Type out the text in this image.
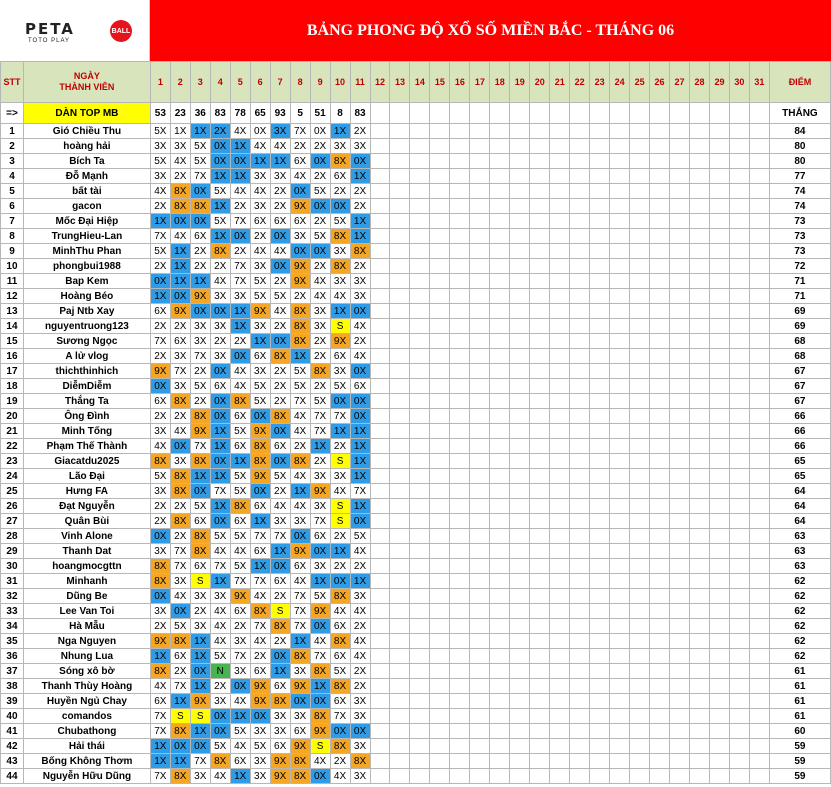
PETA	BALL
TOTO PLAY
BẢNG PHONG ĐỘ XỔ SỐ MIỀN BẮC - THÁNG 06
STT	NGÀY
THÀNH VIÊN	1	2	3	4	5	6	7	8	9	10	11	12	13	14	15	16	17	18	19	20	21	22	23	24	25	26	27	28	29	30	31	ĐIỂM
=>	DÀN TOP MB	53	23	36	83	78	65	93	5	51	8	83																					THẮNG
1	Gió Chiều Thu	5X	1X	1X	2X	4X	0X	3X	7X	0X	1X	2X																					84
2	hoàng hải	3X	3X	5X	0X	1X	4X	4X	2X	2X	3X	3X																					80
3	Bích Ta	5X	4X	5X	0X	0X	1X	1X	6X	0X	8X	0X																					80
4	Đỗ Mạnh	3X	2X	7X	1X	1X	3X	3X	4X	2X	6X	1X																					77
5	bất tài	4X	8X	0X	5X	4X	4X	2X	0X	5X	2X	2X																					74
6	gacon	2X	8X	8X	1X	2X	3X	2X	9X	0X	0X	2X																					74
7	Mốc Đại Hiệp	1X	0X	0X	5X	7X	6X	6X	6X	2X	5X	1X																					73
8	TrungHieu-Lan	7X	4X	6X	1X	0X	2X	0X	3X	5X	8X	1X																					73
9	MinhThu Phan	5X	1X	2X	8X	2X	4X	4X	0X	0X	3X	8X																					73
10	phongbui1988	2X	1X	2X	2X	7X	3X	0X	9X	2X	8X	2X																					72
11	Bap Kem	0X	1X	1X	4X	7X	5X	2X	9X	4X	3X	3X																					71
12	Hoàng Béo	1X	0X	9X	3X	3X	5X	5X	2X	4X	4X	3X																					71
13	Paj Ntb Xay	6X	9X	0X	0X	1X	9X	4X	8X	3X	1X	0X																					69
14	nguyentruong123	2X	2X	3X	3X	1X	3X	2X	8X	3X	S	4X																					69
15	Sương Ngọc	7X	6X	3X	2X	2X	1X	0X	8X	2X	9X	2X																					68
16	A lử vlog	2X	3X	7X	3X	0X	6X	8X	1X	2X	6X	4X																					68
17	thichthinhich	9X	7X	2X	0X	4X	3X	2X	5X	8X	3X	0X																					67
18	DiễmDiễm	0X	3X	5X	6X	4X	5X	2X	5X	2X	5X	6X																					67
19	Thắng Ta	6X	8X	2X	0X	8X	5X	2X	7X	5X	0X	0X																					67
20	Ông Đình	2X	2X	8X	0X	6X	0X	8X	4X	7X	7X	0X																					66
21	Minh Tống	3X	4X	9X	1X	5X	9X	0X	4X	7X	1X	1X																					66
22	Phạm Thế Thành	4X	0X	7X	1X	6X	8X	6X	2X	1X	2X	1X																					66
23	Giacatdu2025	8X	3X	8X	0X	1X	8X	0X	8X	2X	S	1X																					65
24	Lão Đại	5X	8X	1X	1X	5X	9X	5X	4X	3X	3X	1X																					65
25	Hưng FA	3X	8X	0X	7X	5X	0X	2X	1X	9X	4X	7X																					64
26	Đạt Nguyễn	2X	2X	5X	1X	8X	6X	4X	4X	3X	S	1X																					64
27	Quân Bùi	2X	8X	6X	0X	6X	1X	3X	3X	7X	S	0X																					64
28	Vinh Alone	0X	2X	8X	5X	5X	7X	7X	0X	6X	2X	5X																					63
29	Thanh Dat	3X	7X	8X	4X	4X	6X	1X	9X	0X	1X	4X																					63
30	hoangmocgttn	8X	7X	6X	7X	5X	1X	0X	6X	3X	2X	2X																					63
31	Minhanh	8X	3X	S	1X	7X	7X	6X	4X	1X	0X	1X																					62
32	Dũng Be	0X	4X	3X	3X	9X	4X	2X	7X	5X	8X	3X																					62
33	Lee Van Toi	3X	0X	2X	4X	6X	8X	S	7X	9X	4X	4X																					62
34	Hà Mẫu	2X	5X	3X	4X	2X	7X	8X	7X	0X	6X	2X																					62
35	Nga Nguyen	9X	8X	1X	4X	3X	4X	2X	1X	4X	8X	4X																					62
36	Nhung Lua	1X	6X	1X	5X	7X	2X	0X	8X	7X	6X	4X																					62
37	Sóng xô bờ	8X	2X	0X	N	3X	6X	1X	3X	8X	5X	2X																					61
38	Thanh Thùy Hoàng	4X	7X	1X	2X	0X	9X	6X	9X	1X	8X	2X																					61
39	Huyền Ngủ Chay	6X	1X	9X	3X	4X	9X	8X	0X	0X	6X	3X																					61
40	comandos	7X	S	S	0X	1X	0X	3X	3X	8X	7X	3X																					61
41	Chubathong	7X	8X	1X	0X	5X	3X	3X	6X	9X	0X	0X																					60
42	Hải thái	1X	0X	0X	5X	4X	5X	6X	9X	S	8X	3X																					59
43	Bống Không Thơm	1X	1X	7X	8X	6X	3X	9X	8X	4X	2X	8X																					59
44	Nguyễn Hữu Dũng	7X	8X	3X	4X	1X	3X	9X	8X	0X	4X	3X																					59
